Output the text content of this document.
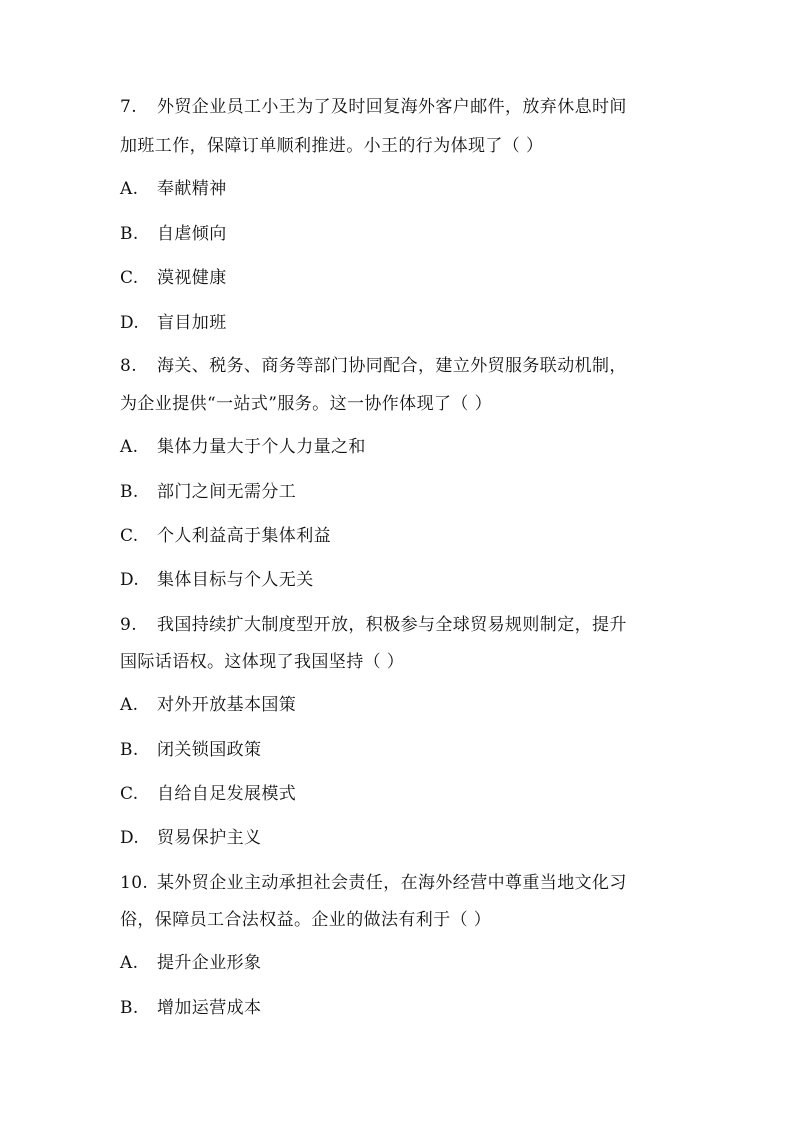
7. 外贸企业员工小王为了及时回复海外客户邮件，放弃休息时间
加班工作，保障订单顺利推进。小王的行为体现了（ ）
A. 奉献精神
B. 自虐倾向
C. 漠视健康
D. 盲目加班
8. 海关、税务、商务等部门协同配合，建立外贸服务联动机制，
为企业提供“一站式”服务。这一协作体现了（ ）
A. 集体力量大于个人力量之和
B. 部门之间无需分工
C. 个人利益高于集体利益
D. 集体目标与个人无关
9. 我国持续扩大制度型开放，积极参与全球贸易规则制定，提升
国际话语权。这体现了我国坚持（ ）
A. 对外开放基本国策
B. 闭关锁国政策
C. 自给自足发展模式
D. 贸易保护主义
10. 某外贸企业主动承担社会责任，在海外经营中尊重当地文化习
俗，保障员工合法权益。企业的做法有利于（ ）
A. 提升企业形象
B. 增加运营成本
